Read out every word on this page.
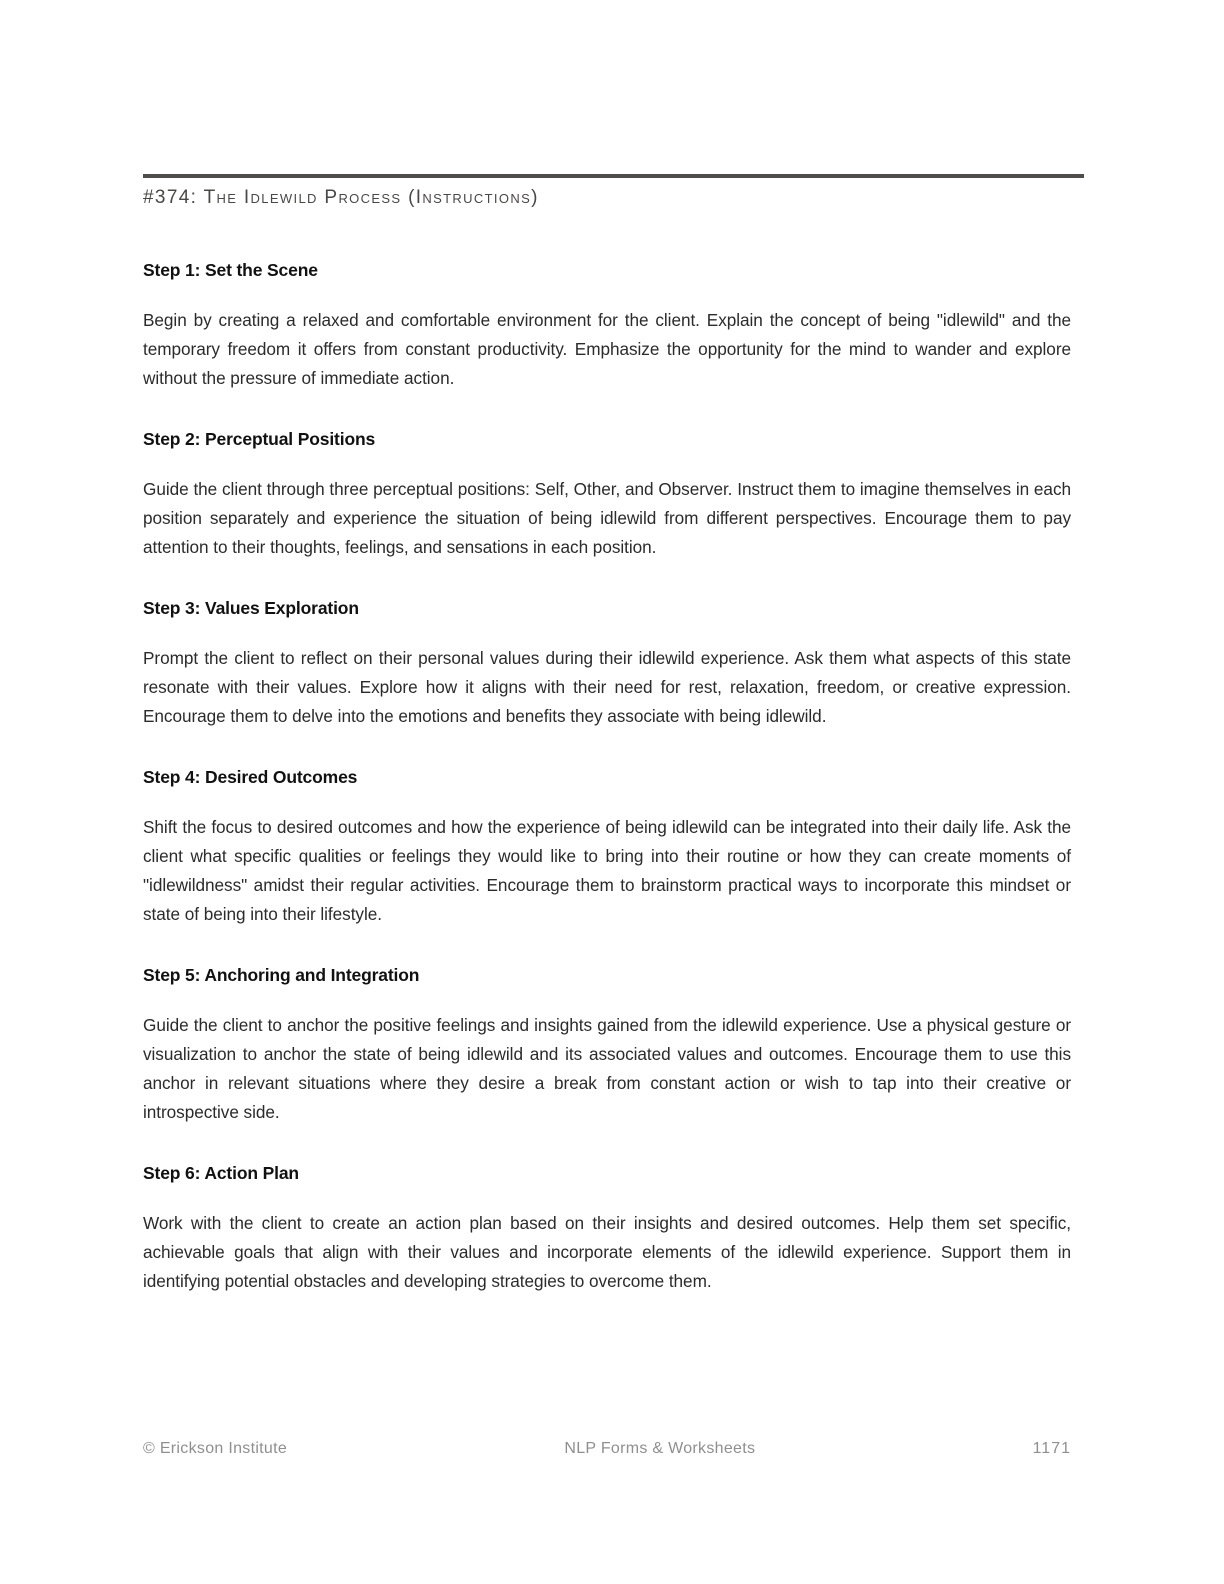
#374: The Idlewild Process (Instructions)
Step 1: Set the Scene

Begin by creating a relaxed and comfortable environment for the client. Explain the concept of being "idlewild" and the temporary freedom it offers from constant productivity. Emphasize the opportunity for the mind to wander and explore without the pressure of immediate action.

Step 2: Perceptual Positions

Guide the client through three perceptual positions: Self, Other, and Observer. Instruct them to imagine themselves in each position separately and experience the situation of being idlewild from different perspectives. Encourage them to pay attention to their thoughts, feelings, and sensations in each position.

Step 3: Values Exploration

Prompt the client to reflect on their personal values during their idlewild experience. Ask them what aspects of this state resonate with their values. Explore how it aligns with their need for rest, relaxation, freedom, or creative expression. Encourage them to delve into the emotions and benefits they associate with being idlewild.

Step 4: Desired Outcomes

Shift the focus to desired outcomes and how the experience of being idlewild can be integrated into their daily life. Ask the client what specific qualities or feelings they would like to bring into their routine or how they can create moments of "idlewildness" amidst their regular activities. Encourage them to brainstorm practical ways to incorporate this mindset or state of being into their lifestyle.

Step 5: Anchoring and Integration

Guide the client to anchor the positive feelings and insights gained from the idlewild experience. Use a physical gesture or visualization to anchor the state of being idlewild and its associated values and outcomes. Encourage them to use this anchor in relevant situations where they desire a break from constant action or wish to tap into their creative or introspective side.

Step 6: Action Plan

Work with the client to create an action plan based on their insights and desired outcomes. Help them set specific, achievable goals that align with their values and incorporate elements of the idlewild experience. Support them in identifying potential obstacles and developing strategies to overcome them.

© Erickson Institute	NLP Forms & Worksheets	1171
